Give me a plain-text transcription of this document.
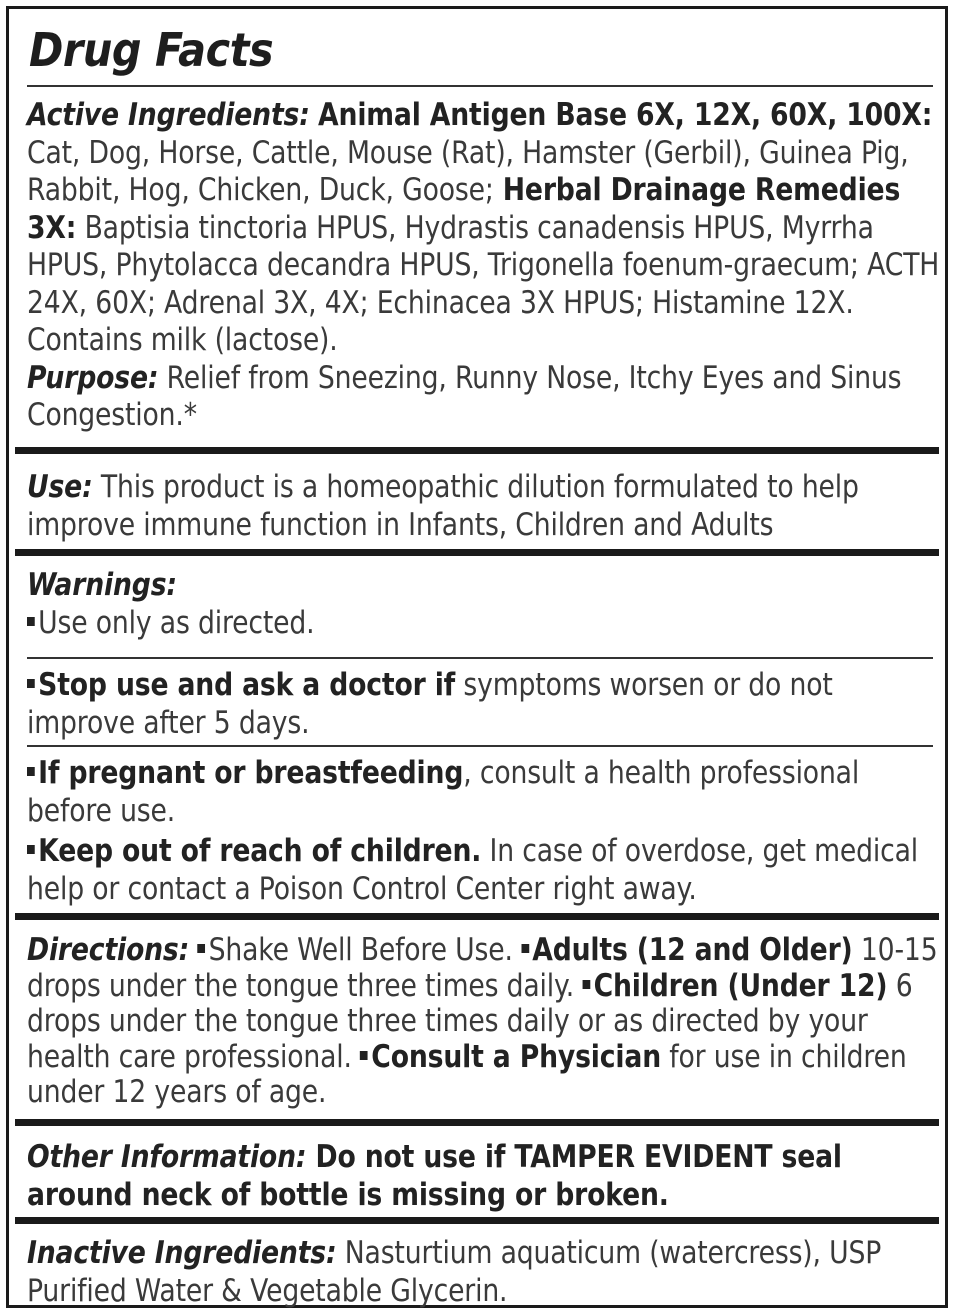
Drug Facts
Active Ingredients: Animal Antigen Base 6X, 12X, 60X, 100X: Cat, Dog, Horse, Cattle, Mouse (Rat), Hamster (Gerbil), Guinea Pig, Rabbit, Hog, Chicken, Duck, Goose; Herbal Drainage Remedies 3X: Baptisia tinctoria HPUS, Hydrastis canadensis HPUS, Myrrha HPUS, Phytolacca decandra HPUS, Trigonella foenum-graecum; ACTH 24X, 60X; Adrenal 3X, 4X; Echinacea 3X HPUS; Histamine 12X. Contains milk (lactose).
Purpose: Relief from Sneezing, Runny Nose, Itchy Eyes and Sinus Congestion.*
Use: This product is a homeopathic dilution formulated to help improve immune function in Infants, Children and Adults
Warnings:
Use only as directed.
Stop use and ask a doctor if symptoms worsen or do not improve after 5 days.
If pregnant or breastfeeding, consult a health professional before use.
Keep out of reach of children. In case of overdose, get medical help or contact a Poison Control Center right away.
Directions: Shake Well Before Use. Adults (12 and Older) 10-15 drops under the tongue three times daily. Children (Under 12) 6 drops under the tongue three times daily or as directed by your health care professional. Consult a Physician for use in children under 12 years of age.
Other Information: Do not use if TAMPER EVIDENT seal around neck of bottle is missing or broken.
Inactive Ingredients: Nasturtium aquaticum (watercress), USP Purified Water & Vegetable Glycerin.
